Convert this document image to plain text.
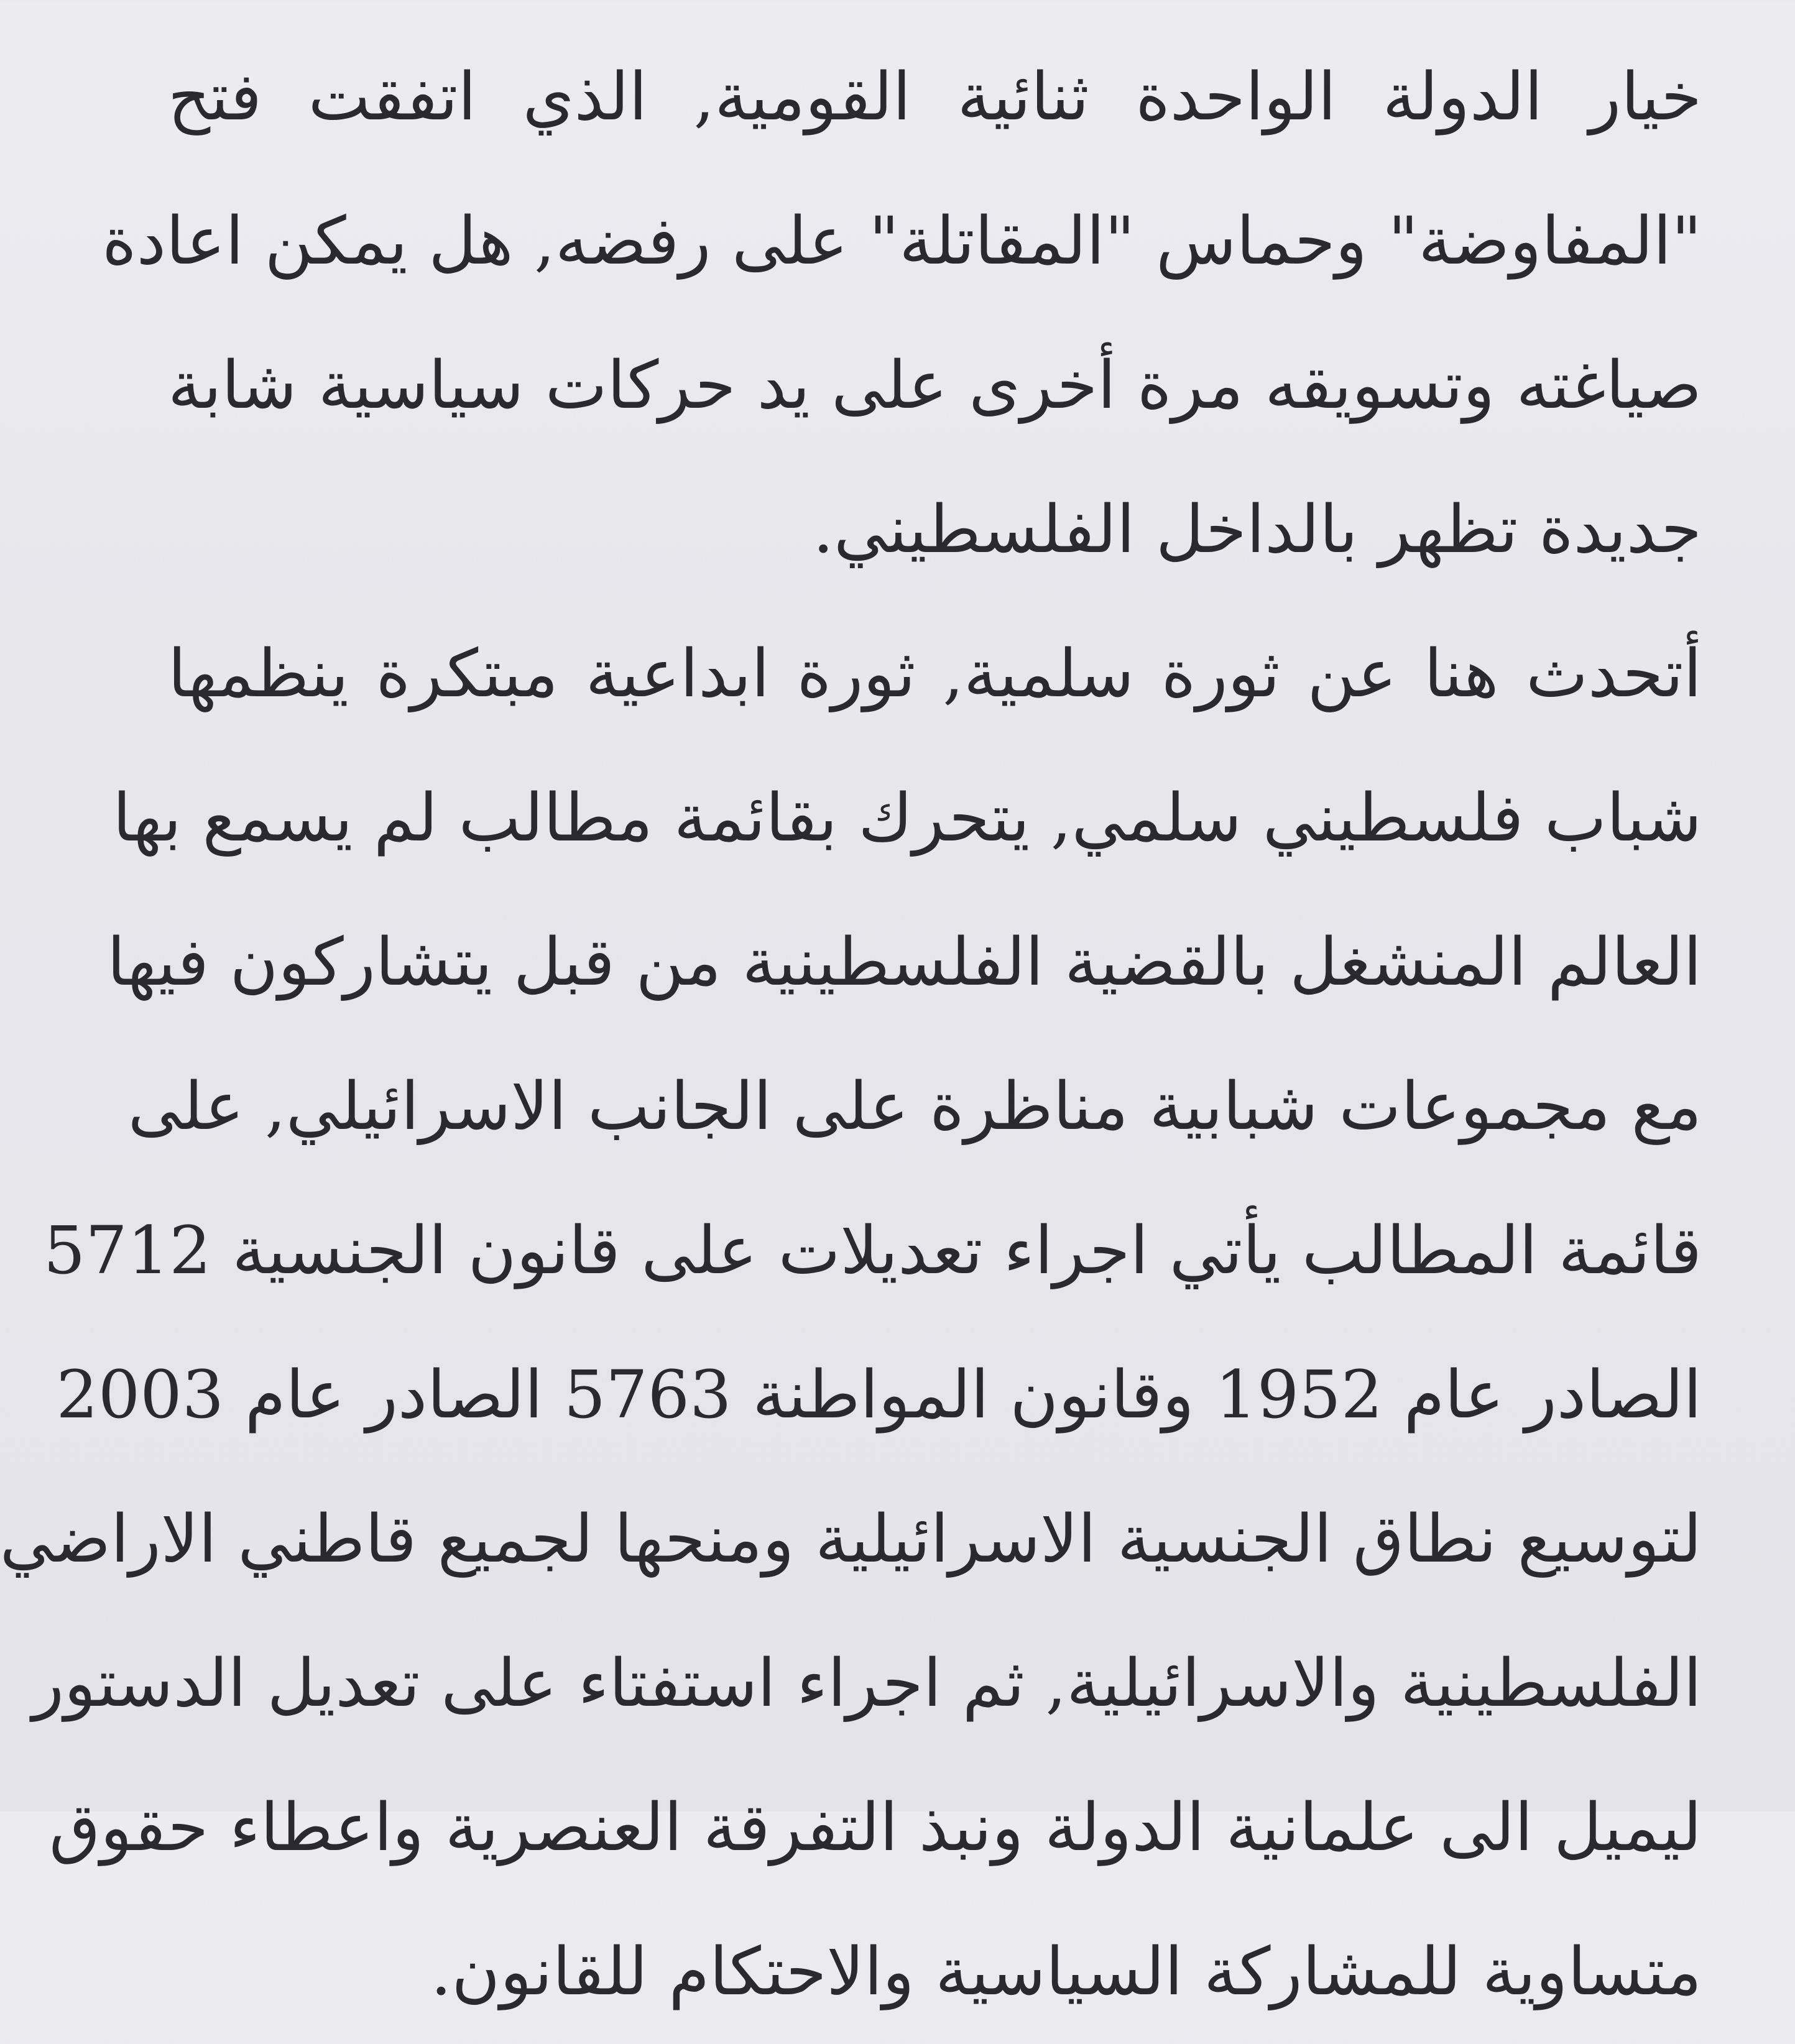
خيار الدولة الواحدة ثنائية القومية, الذي اتفقت فتح
"المفاوضة" وحماس "المقاتلة" على رفضه, هل يمكن اعادة
صياغته وتسويقه مرة أخرى على يد حركات سياسية شابة
جديدة تظهر بالداخل الفلسطيني.
أتحدث هنا عن ثورة سلمية, ثورة ابداعية مبتكرة ينظمها
شباب فلسطيني سلمي, يتحرك بقائمة مطالب لم يسمع بها
العالم المنشغل بالقضية الفلسطينية من قبل يتشاركون فيها
مع مجموعات شبابية مناظرة على الجانب الاسرائيلي, على
قائمة المطالب يأتي اجراء تعديلات على قانون الجنسية 5712
الصادر عام 1952 وقانون المواطنة 5763 الصادر عام 2003
لتوسيع نطاق الجنسية الاسرائيلية ومنحها لجميع قاطني الاراضي
الفلسطينية والاسرائيلية, ثم اجراء استفتاء على تعديل الدستور
ليميل الى علمانية الدولة ونبذ التفرقة العنصرية واعطاء حقوق
متساوية للمشاركة السياسية والاحتكام للقانون.
